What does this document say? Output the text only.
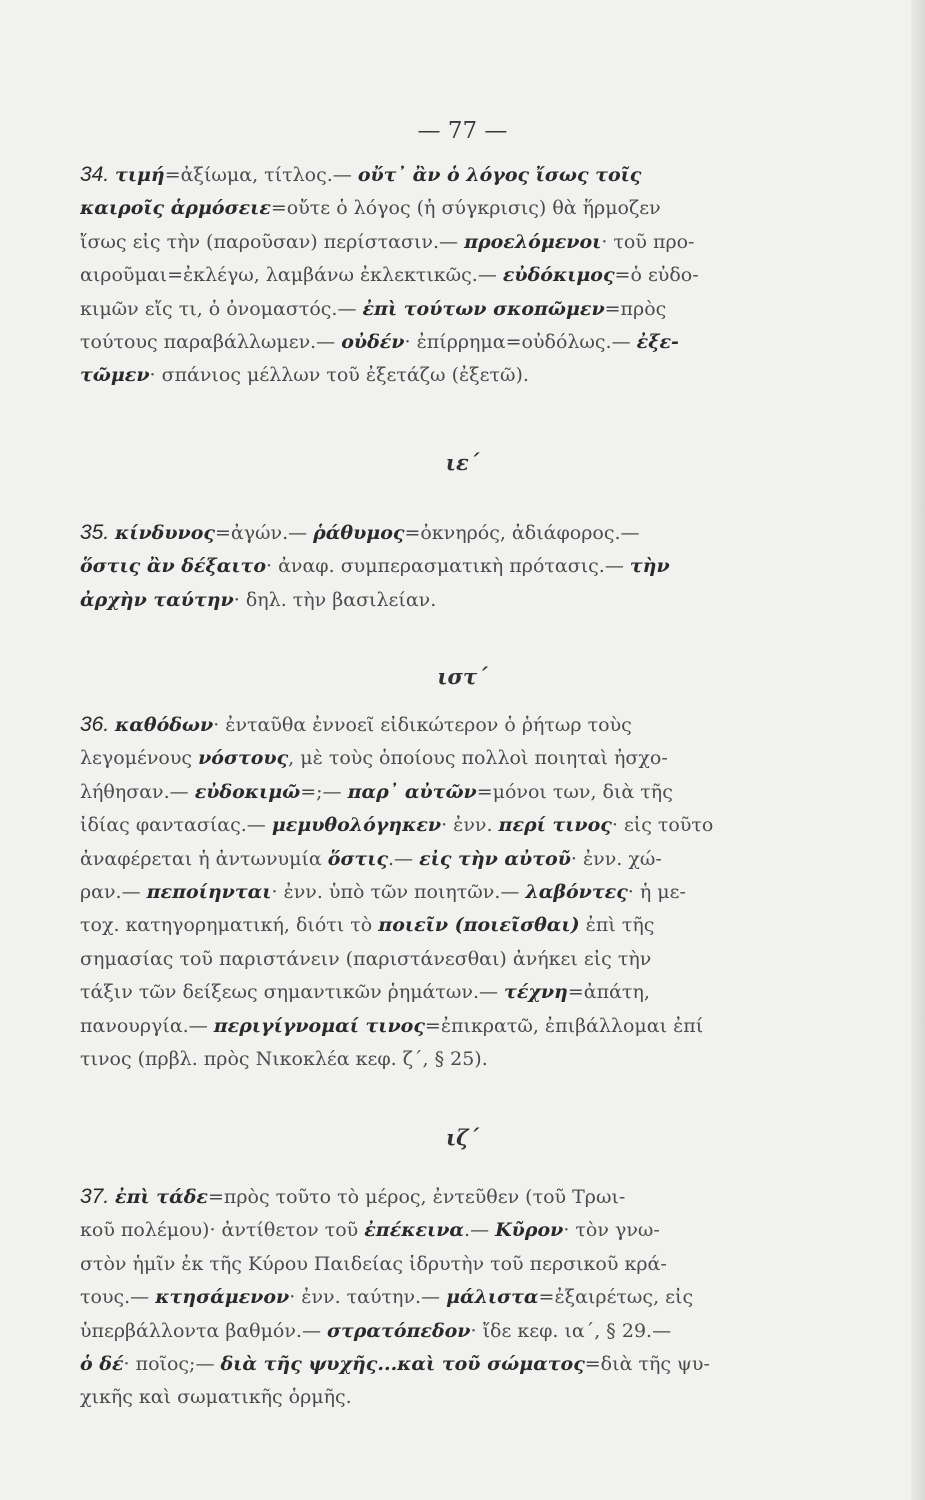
— 77 —
34. τιμή=ἀξίωμα, τίτλος.— οὔτ᾽ ἂν ὁ λόγος ἴσως τοῖς
καιροῖς ἁρμόσειε=οὔτε ὁ λόγος (ἡ σύγκρισις) θὰ ἥρμοζεν
ἴσως εἰς τὴν (παροῦσαν) περίστασιν.— προελόμενοι· τοῦ προ-
αιροῦμαι=ἐκλέγω, λαμβάνω ἐκλεκτικῶς.— εὐδόκιμος=ὁ εὐδο-
κιμῶν εἴς τι, ὁ ὀνομαστός.— ἐπὶ τούτων σκοπῶμεν=πρὸς
τούτους παραβάλλωμεν.— οὐδέν· ἐπίρρημα=οὐδόλως.— ἐξε-
τῶμεν· σπάνιος μέλλων τοῦ ἐξετάζω (ἐξετῶ).
ιε΄
35. κίνδυνος=ἀγών.— ῥάθυμος=ὀκνηρός, ἀδιάφορος.—
ὅστις ἂν δέξαιτο· ἀναφ. συμπερασματικὴ πρότασις.— τὴν
ἀρχὴν ταύτην· δηλ. τὴν βασιλείαν.
ιστ΄
36. καθόδων· ἐνταῦθα ἐννοεῖ εἰδικώτερον ὁ ῥήτωρ τοὺς
λεγομένους νόστους, μὲ τοὺς ὁποίους πολλοὶ ποιηταὶ ἠσχο-
λήθησαν.— εὐδοκιμῶ=;— παρ᾽ αὐτῶν=μόνοι των, διὰ τῆς
ἰδίας φαντασίας.— μεμυθολόγηκεν· ἐνν. περί τινος· εἰς τοῦτο
ἀναφέρεται ἡ ἀντωνυμία ὅστις.— εἰς τὴν αὐτοῦ· ἐνν. χώ-
ραν.— πεποίηνται· ἐνν. ὑπὸ τῶν ποιητῶν.— λαβόντες· ἡ με-
τοχ. κατηγορηματική, διότι τὸ ποιεῖν (ποιεῖσθαι) ἐπὶ τῆς
σημασίας τοῦ παριστάνειν (παριστάνεσθαι) ἀνήκει εἰς τὴν
τάξιν τῶν δείξεως σημαντικῶν ῥημάτων.— τέχνη=ἀπάτη,
πανουργία.— περιγίγνομαί τινος=ἐπικρατῶ, ἐπιβάλλομαι ἐπί
τινος (πρβλ. πρὸς Νικοκλέα κεφ. ζ´, § 25).
ιζ΄
37. ἐπὶ τάδε=πρὸς τοῦτο τὸ μέρος, ἐντεῦθεν (τοῦ Τρωι-
κοῦ πολέμου)· ἀντίθετον τοῦ ἐπέκεινα.— Κῦρον· τὸν γνω-
στὸν ἡμῖν ἐκ τῆς Κύρου Παιδείας ἱδρυτὴν τοῦ περσικοῦ κρά-
τους.— κτησάμενον· ἐνν. ταύτην.— μάλιστα=ἐξαιρέτως, εἰς
ὑπερβάλλοντα βαθμόν.— στρατόπεδον· ἴδε κεφ. ια´, § 29.—
ὁ δέ· ποῖος;— διὰ τῆς ψυχῆς...καὶ τοῦ σώματος=διὰ τῆς ψυ-
χικῆς καὶ σωματικῆς ὁρμῆς.
